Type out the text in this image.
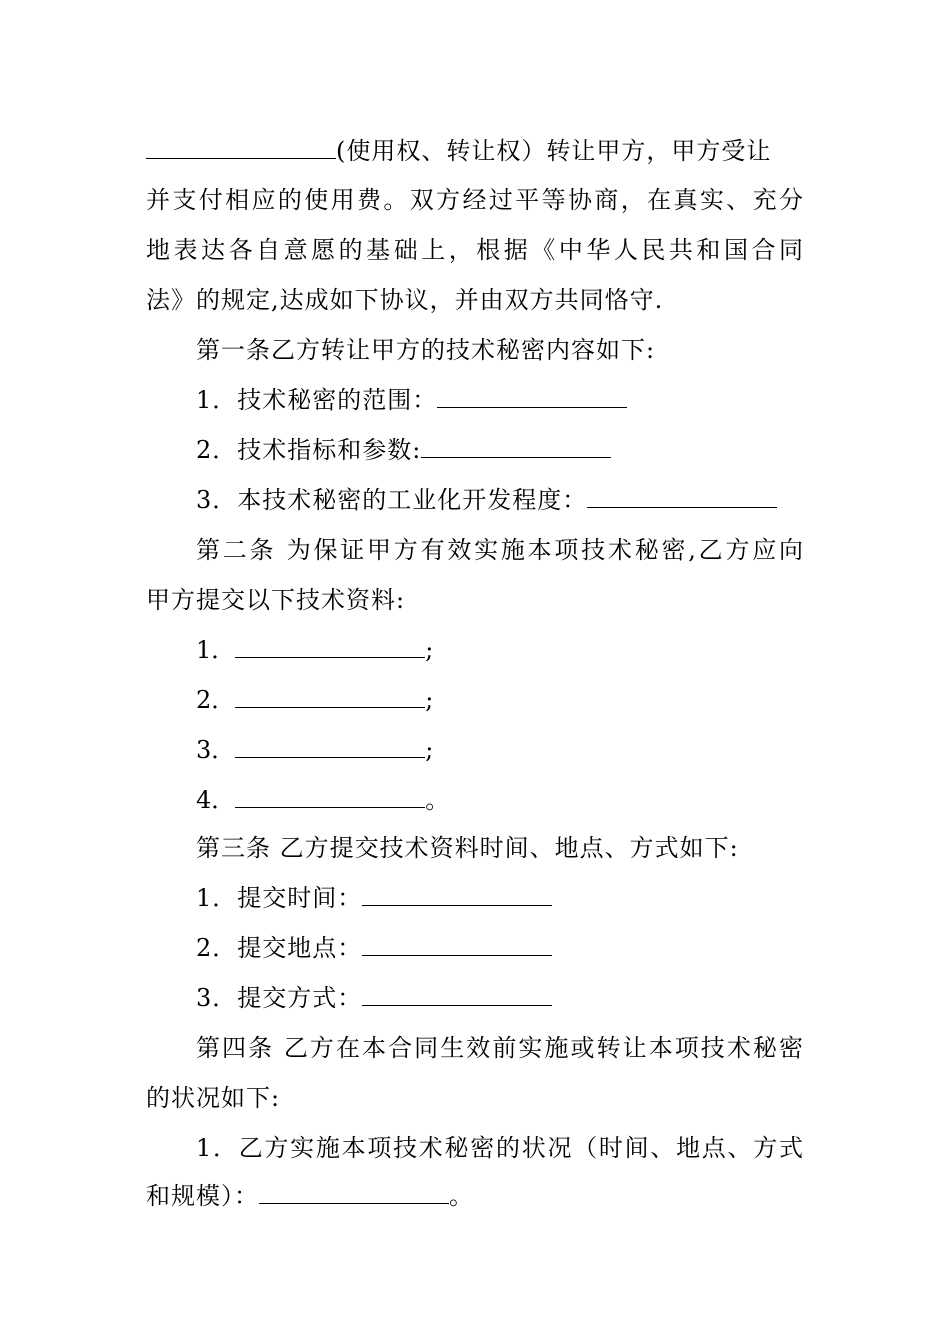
(使用权、转让权）转让甲方，甲方受让
并支付相应的使用费。双方经过平等协商，在真实、充分
地表达各自意愿的基础上，根据《中华人民共和国合同
法》的规定,达成如下协议，并由双方共同恪守.
第一条乙方转让甲方的技术秘密内容如下:
1．技术秘密的范围：
2．技术指标和参数:
3．本技术秘密的工业化开发程度：
第二条 为保证甲方有效实施本项技术秘密,乙方应向
甲方提交以下技术资料:
1．	;
2．	;
3．	;
4．	。
第三条 乙方提交技术资料时间、地点、方式如下:
1．提交时间：
2．提交地点：
3．提交方式：
第四条 乙方在本合同生效前实施或转让本项技术秘密
的状况如下:
1．乙方实施本项技术秘密的状况（时间、地点、方式
和规模）：	。
